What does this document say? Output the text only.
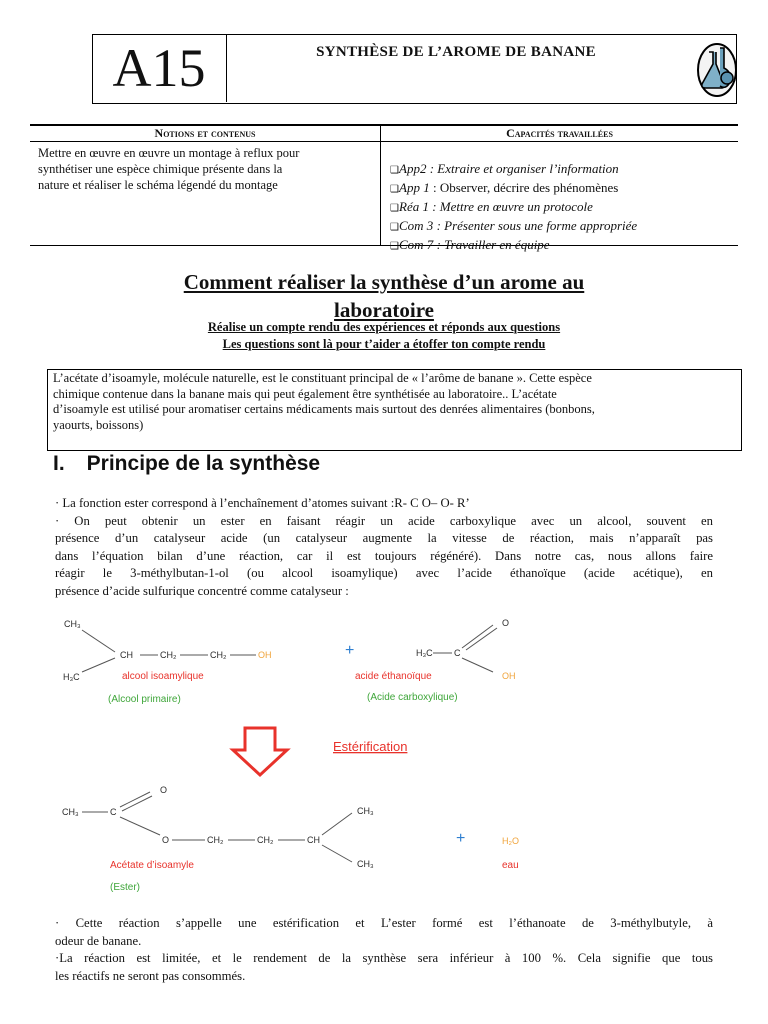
A15	SYNTHÈSE DE L’AROME DE BANANE
Notions et contenus	Capacités travaillées
Mettre en œuvre en œuvre un montage à reflux pour
synthétiser une espèce chimique présente dans la
nature et réaliser le schéma légendé du montage
❑App2 : Extraire et organiser l’information
❑App 1 : Observer, décrire des phénomènes
❑Réa 1 : Mettre en œuvre un protocole
❑Com 3 : Présenter sous une forme appropriée
❑Com 7 : Travailler en équipe
Comment réaliser la synthèse d’un arome au
laboratoire
Réalise un compte rendu des expériences et réponds aux questions
Les questions sont là pour t’aider a étoffer ton compte rendu
L’acétate d’isoamyle, molécule naturelle, est le constituant principal de « l’arôme de banane ». Cette espèce
chimique contenue dans la banane mais qui peut également être synthétisée au laboratoire.. L’acétate
d’isoamyle est utilisé pour aromatiser certains médicaments mais surtout des denrées alimentaires (bonbons,
yaourts, boissons)
I. Principe de la synthèse
· La fonction ester correspond à l’enchaînement d’atomes suivant :R- C O– O- R’
· On peut obtenir un ester en faisant réagir un acide carboxylique avec un alcool, souvent en
présence d’un catalyseur acide (un catalyseur augmente la vitesse de réaction, mais n’apparaît pas
dans l’équation bilan d’une réaction, car il est toujours régénéré). Dans notre cas, nous allons faire
réagir le 3-méthylbutan-1-ol (ou alcool isoamylique) avec l’acide éthanoïque (acide acétique), en
présence d’acide sulfurique concentré comme catalyseur :
CH₃
CH	CH₂	CH₂	OH
H₃C	alcool isoamylique
(Alcool primaire)
+	H₃C C
O
OH
acide éthanoïque
(Acide carboxylique)
Estérification
CH₃	C
O
O	CH₂	CH₂	CH
CH₃
CH₃
Acétate d’isoamyle
(Ester)
+	H₂O
eau
· Cette réaction s’appelle une estérification et L’ester formé est l’éthanoate de 3-méthylbutyle, à
odeur de banane.
·La réaction est limitée, et le rendement de la synthèse sera inférieur à 100 %. Cela signifie que tous
les réactifs ne seront pas consommés.
